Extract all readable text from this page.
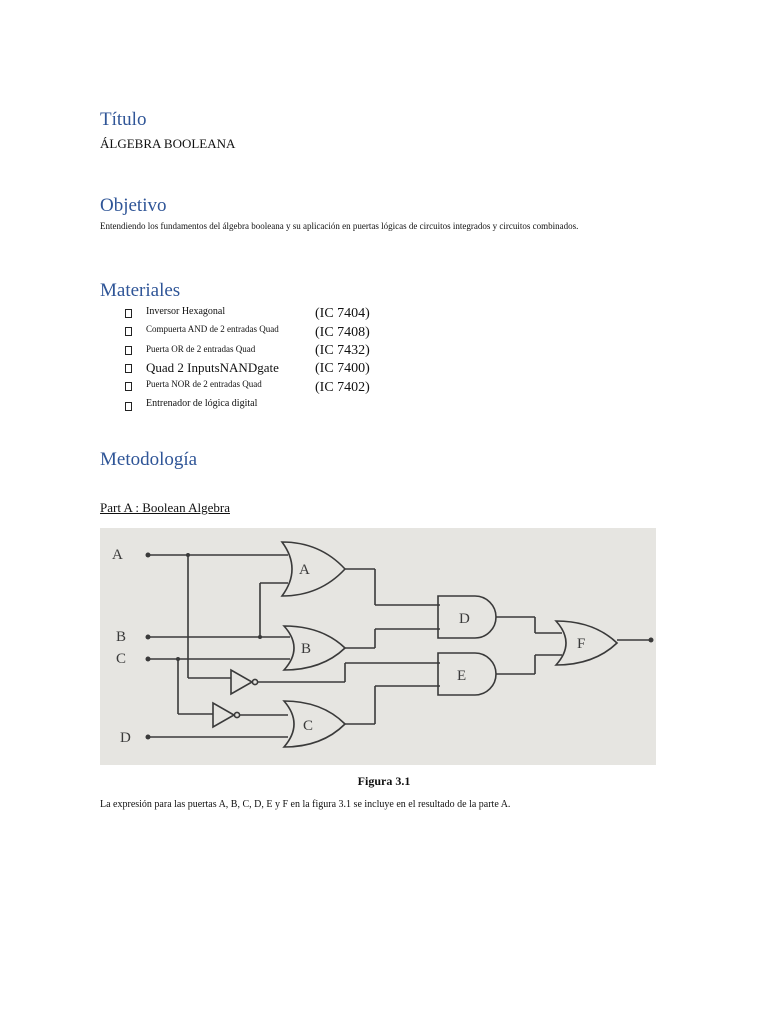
Título

ÁLGEBRA BOOLEANA

Objetivo

Entendiendo los fundamentos del álgebra booleana y su aplicación en puertas lógicas de circuitos integrados y circuitos combinados.

Materiales
Inversor Hexagonal	(IC 7404)
Compuerta AND de 2 entradas Quad	(IC 7408)
Puerta OR de 2 entradas Quad	(IC 7432)
Quad 2 InputsNANDgate	(IC 7400)
Puerta NOR de 2 entradas Quad	(IC 7402)
Entrenador de lógica digital
Metodología

Part A : Boolean Algebra

A
B
C
D
A
B
C
D
E
F

Figura 3.1

La expresión para las puertas A, B, C, D, E y F en la figura 3.1 se incluye en el resultado de la parte A.
